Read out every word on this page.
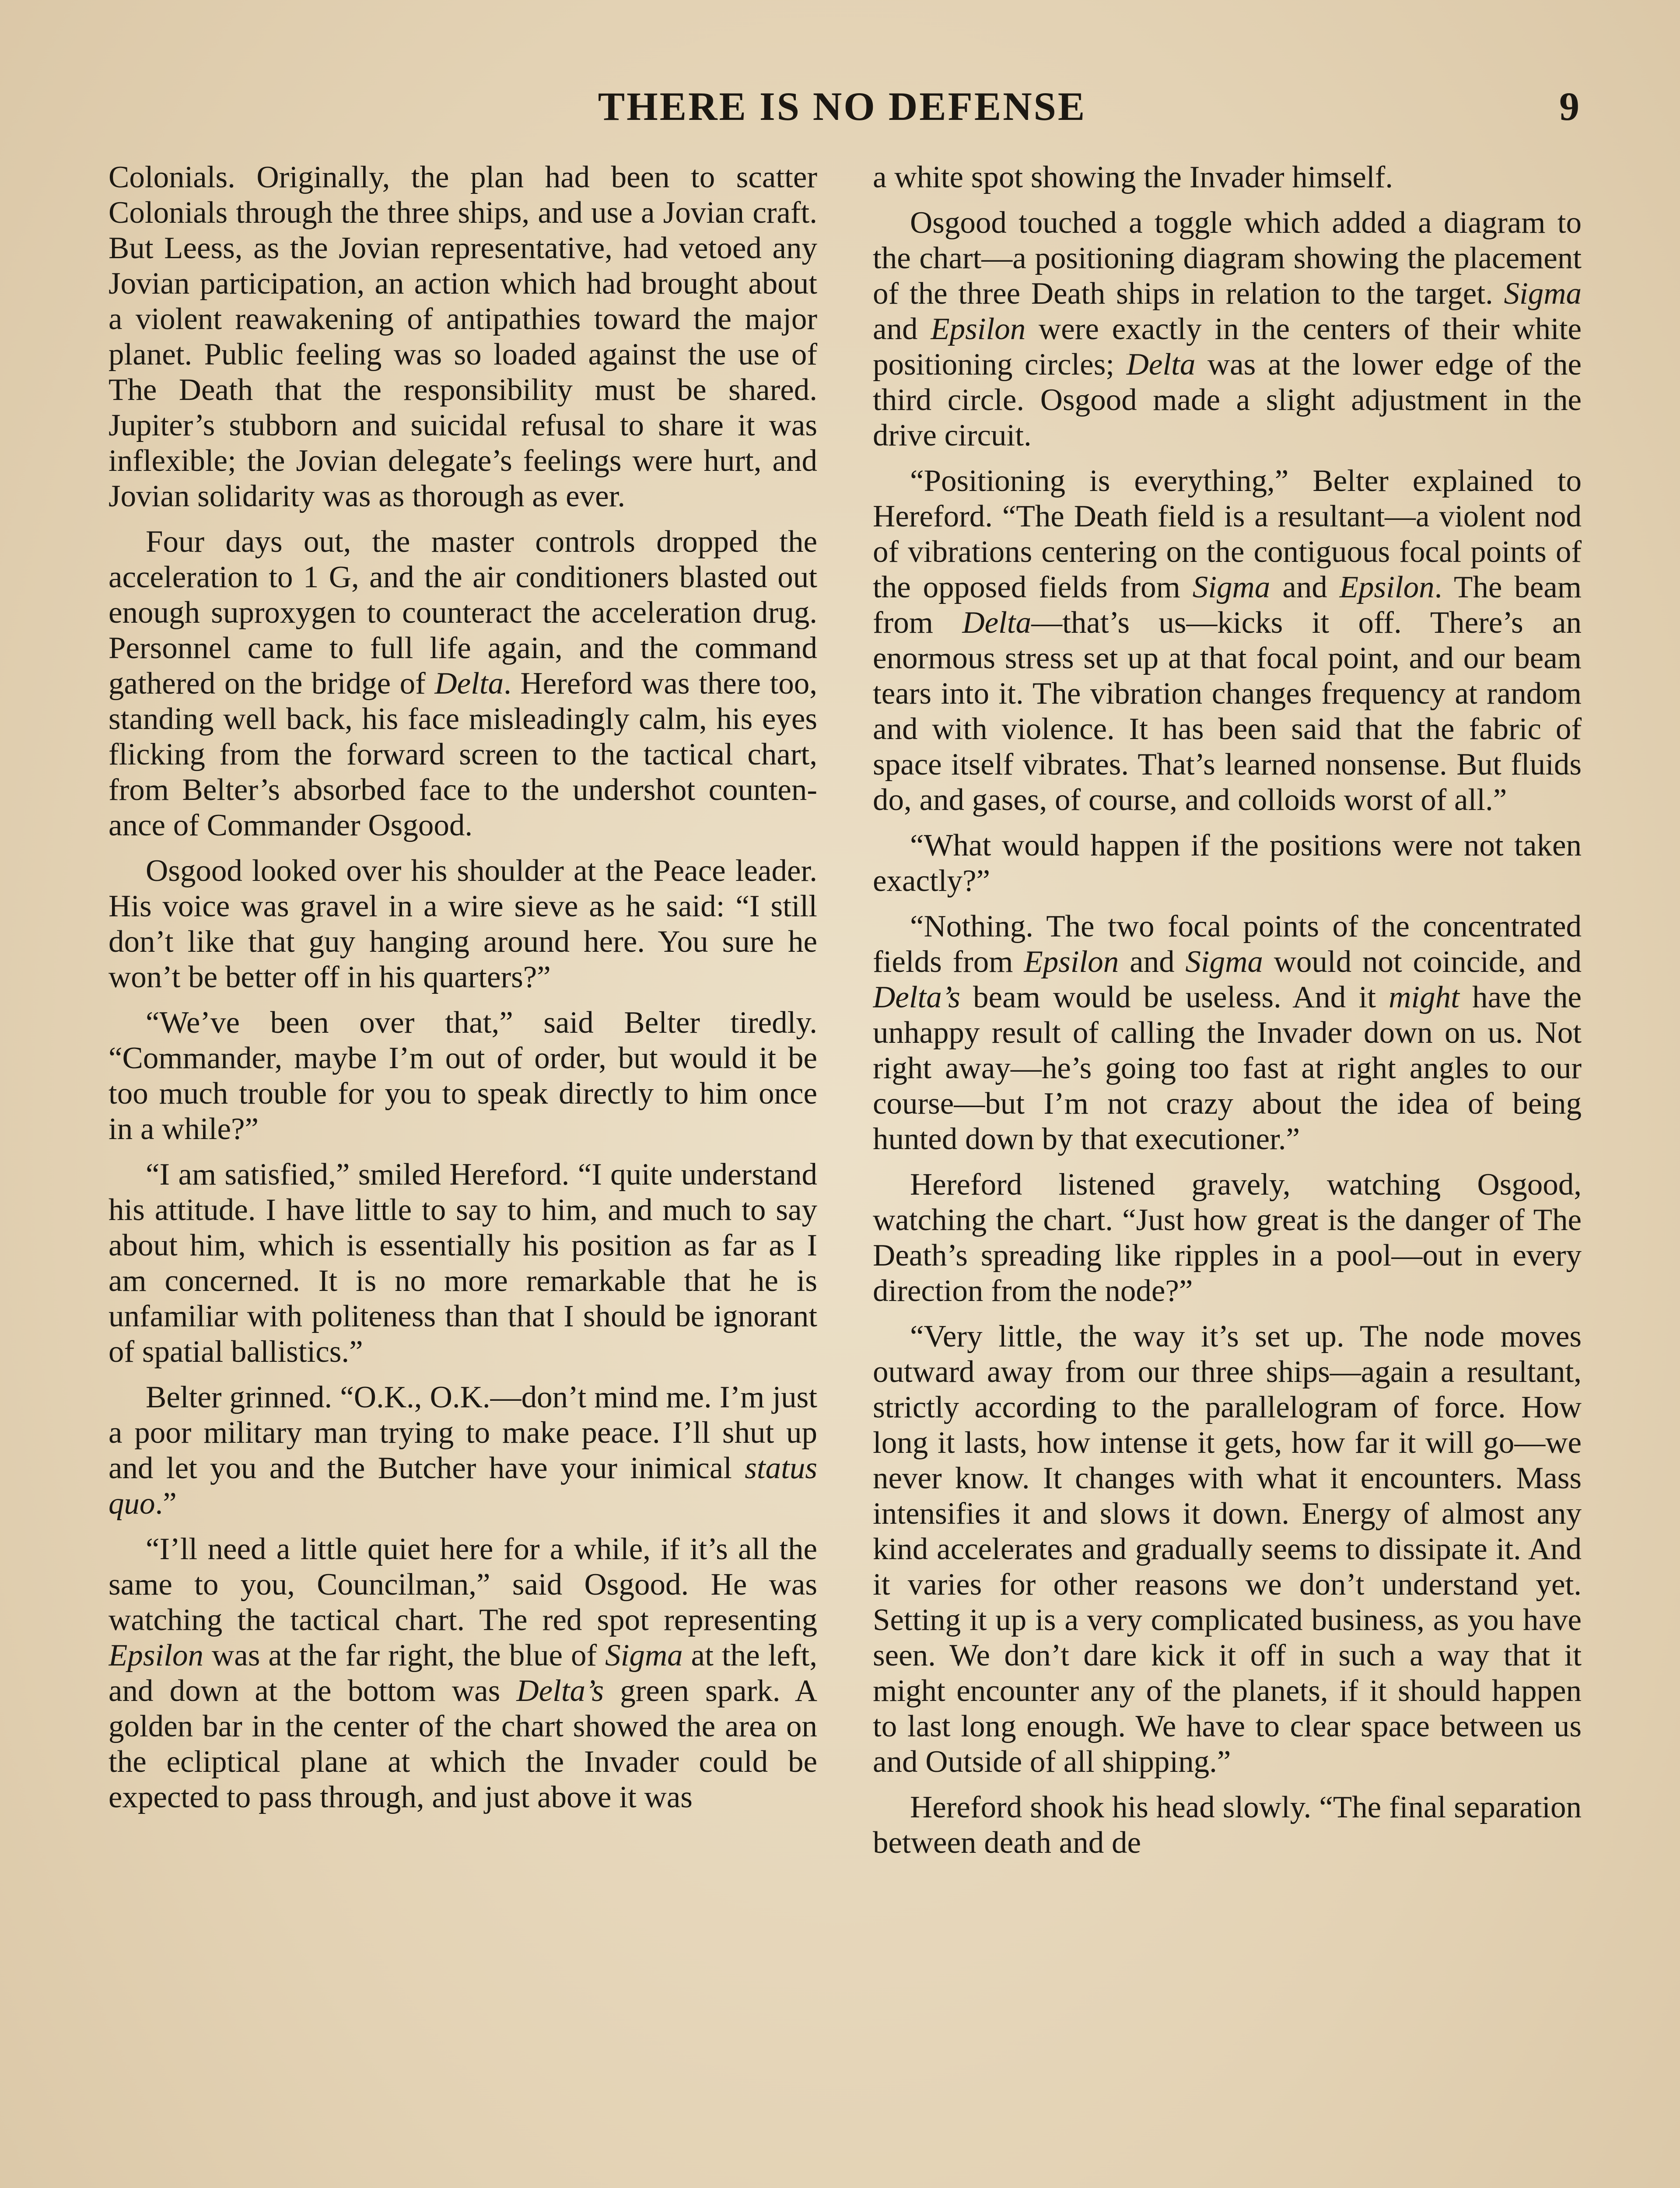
THERE IS NO DEFENSE	9

Colonials. Originally, the plan had been to scatter Colonials through the three ships, and use a Jovian craft. But Leess, as the Jovian representative, had vetoed any Jovian participation, an action which had brought about a violent reawakening of antipathies toward the major planet. Public feeling was so loaded against the use of The Death that the responsibility must be shared. Jupiter’s stubborn and suicidal refusal to share it was inflexible; the Jovian delegate’s feelings were hurt, and Jovian solidarity was as thorough as ever.

Four days out, the master controls dropped the acceleration to 1 G, and the air conditioners blasted out enough suproxygen to counteract the acceleration drug. Personnel came to full life again, and the command gathered on the bridge of Delta. Hereford was there too, standing well back, his face misleadingly calm, his eyes flicking from the forward screen to the tactical chart, from Belter’s absorbed face to the undershot countenance of Commander Osgood.

Osgood looked over his shoulder at the Peace leader. His voice was gravel in a wire sieve as he said: “I still don’t like that guy hanging around here. You sure he won’t be better off in his quarters?”

“We’ve been over that,” said Belter tiredly. “Commander, maybe I’m out of order, but would it be too much trouble for you to speak directly to him once in a while?”

“I am satisfied,” smiled Hereford. “I quite understand his attitude. I have little to say to him, and much to say about him, which is essentially his position as far as I am concerned. It is no more remarkable that he is unfamiliar with politeness than that I should be ignorant of spatial ballistics.”

Belter grinned. “O.K., O.K.—don’t mind me. I’m just a poor military man trying to make peace. I’ll shut up and let you and the Butcher have your inimical status quo.”

“I’ll need a little quiet here for a while, if it’s all the same to you, Councilman,” said Osgood. He was watching the tactical chart. The red spot representing Epsilon was at the far right, the blue of Sigma at the left, and down at the bottom was Delta’s green spark. A golden bar in the center of the chart showed the area on the ecliptical plane at which the Invader could be expected to pass through, and just above it was

a white spot showing the Invader himself.

Osgood touched a toggle which added a diagram to the chart—a positioning diagram showing the placement of the three Death ships in relation to the target. Sigma and Epsilon were exactly in the centers of their white positioning circles; Delta was at the lower edge of the third circle. Osgood made a slight adjustment in the drive circuit.

“Positioning is everything,” Belter explained to Hereford. “The Death field is a resultant—a violent nod of vibrations centering on the contiguous focal points of the opposed fields from Sigma and Epsilon. The beam from Delta—that’s us—kicks it off. There’s an enormous stress set up at that focal point, and our beam tears into it. The vibration changes frequency at random and with violence. It has been said that the fabric of space itself vibrates. That’s learned nonsense. But fluids do, and gases, of course, and colloids worst of all.”

“What would happen if the positions were not taken exactly?”

“Nothing. The two focal points of the concentrated fields from Epsilon and Sigma would not coincide, and Delta’s beam would be useless. And it might have the unhappy result of calling the Invader down on us. Not right away—he’s going too fast at right angles to our course—but I’m not crazy about the idea of being hunted down by that executioner.”

Hereford listened gravely, watching Osgood, watching the chart. “Just how great is the danger of The Death’s spreading like ripples in a pool—out in every direction from the node?”

“Very little, the way it’s set up. The node moves outward away from our three ships—again a resultant, strictly according to the parallelogram of force. How long it lasts, how intense it gets, how far it will go—we never know. It changes with what it encounters. Mass intensifies it and slows it down. Energy of almost any kind accelerates and gradually seems to dissipate it. And it varies for other reasons we don’t understand yet. Setting it up is a very complicated business, as you have seen. We don’t dare kick it off in such a way that it might encounter any of the planets, if it should happen to last long enough. We have to clear space between us and Outside of all shipping.”

Hereford shook his head slowly. “The final separation between death and de
